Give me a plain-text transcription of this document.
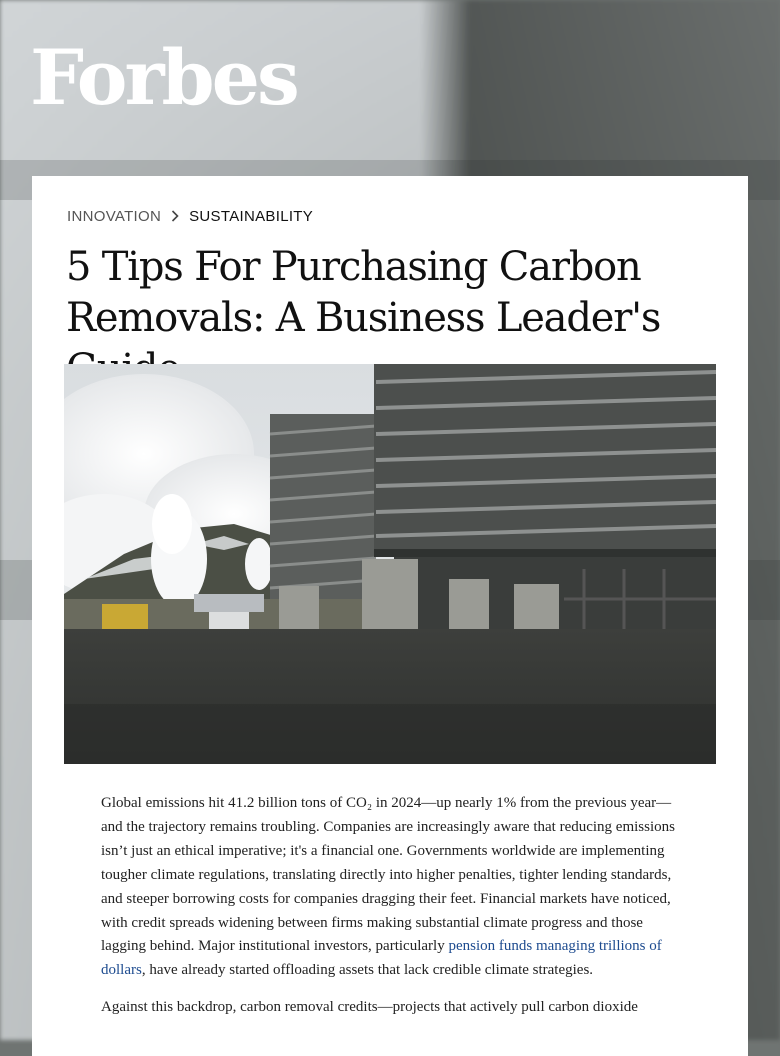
Forbes
INNOVATION SUSTAINABILITY
5 Tips For Purchasing Carbon Removals: A Business Leader's

Global emissions hit 41.2 billion tons of CO₂ in 2024—up nearly 1% from the previous year—and the trajectory remains troubling. Companies are increasingly aware that reducing emissions isn’t just an ethical imperative; it's a financial one. Governments worldwide are implementing tougher climate regulations, translating directly into higher penalties, tighter lending standards, and steeper borrowing costs for companies dragging their feet. Financial markets have noticed, with credit spreads widening between firms making substantial climate progress and those lagging behind. Major institutional investors, particularly pension funds managing trillions of dollars, have already started offloading assets that lack credible climate strategies.

Against this backdrop, carbon removal credits—projects that actively pull carbon dioxide
